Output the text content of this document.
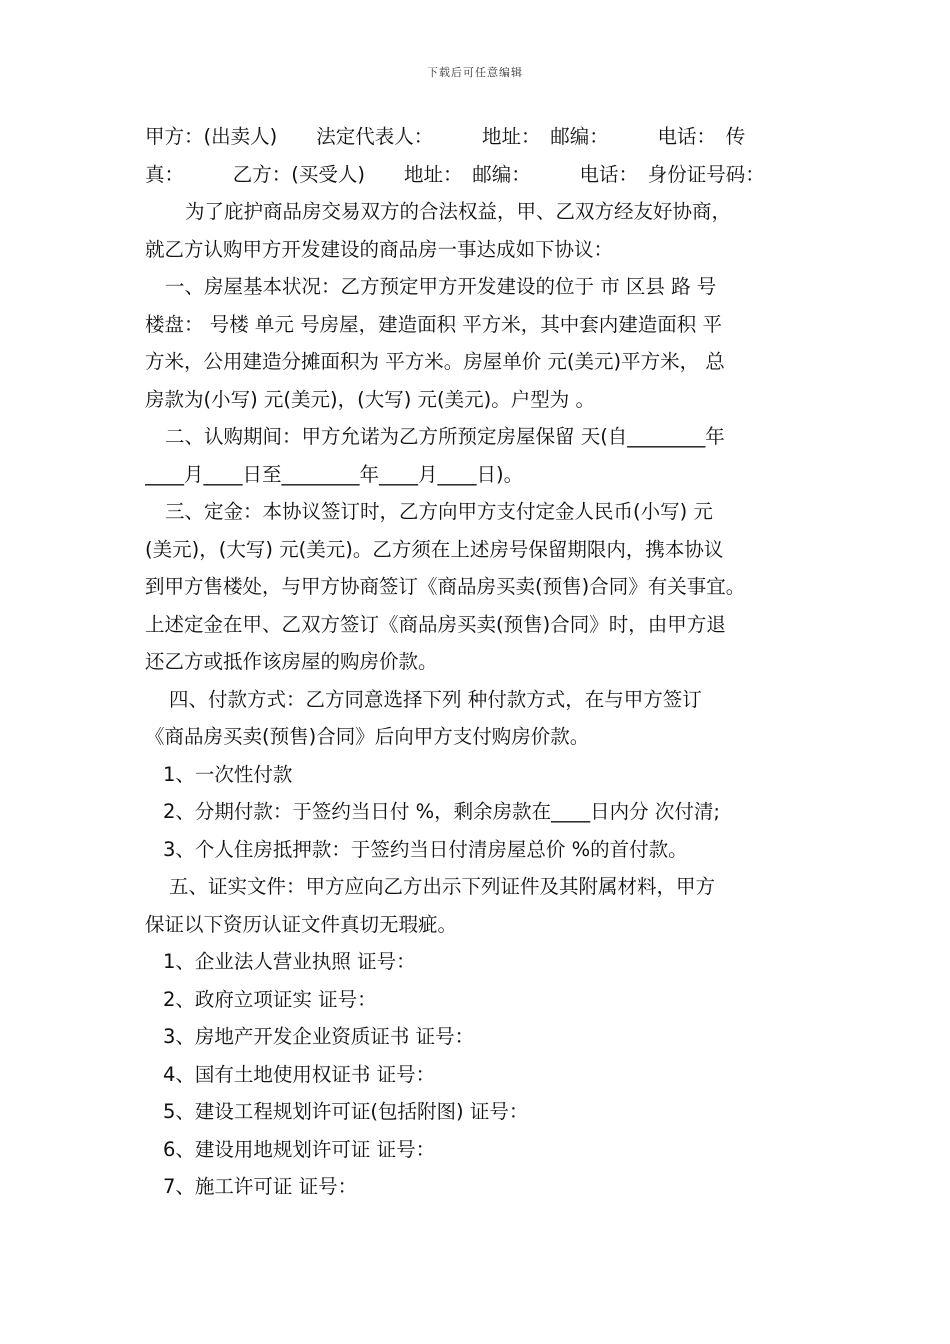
下载后可任意编辑
甲方：(出卖人)　　法定代表人：　　　地址：　邮编：　　　电话：　传
真：　　　乙方：(买受人)　　地址：　邮编：　　　电话：　身份证号码：
为了庇护商品房交易双方的合法权益，甲、乙双方经友好协商，
就乙方认购甲方开发建设的商品房一事达成如下协议：
一、房屋基本状况：乙方预定甲方开发建设的位于 市 区县 路 号
楼盘： 号楼 单元 号房屋，建造面积 平方米，其中套内建造面积 平
方米，公用建造分摊面积为 平方米。房屋单价 元(美元)平方米， 总
房款为(小写) 元(美元)，(大写) 元(美元)。户型为 。
二、认购期间：甲方允诺为乙方所预定房屋保留 天(自________年
____月____日至________年____月____日)。
三、定金：本协议签订时，乙方向甲方支付定金人民币(小写) 元
(美元)，(大写) 元(美元)。乙方须在上述房号保留期限内，携本协议
到甲方售楼处，与甲方协商签订《商品房买卖(预售)合同》有关事宜。
上述定金在甲、乙双方签订《商品房买卖(预售)合同》时，由甲方退
还乙方或抵作该房屋的购房价款。
四、付款方式：乙方同意选择下列 种付款方式，在与甲方签订
《商品房买卖(预售)合同》后向甲方支付购房价款。
1、一次性付款
2、分期付款：于签约当日付 %，剩余房款在____日内分 次付清;
3、个人住房抵押款：于签约当日付清房屋总价 %的首付款。
五、证实文件：甲方应向乙方出示下列证件及其附属材料，甲方
保证以下资历认证文件真切无瑕疵。
1、企业法人营业执照 证号：
2、政府立项证实 证号：
3、房地产开发企业资质证书 证号：
4、国有土地使用权证书 证号：
5、建设工程规划许可证(包括附图) 证号：
6、建设用地规划许可证 证号：
7、施工许可证 证号：
